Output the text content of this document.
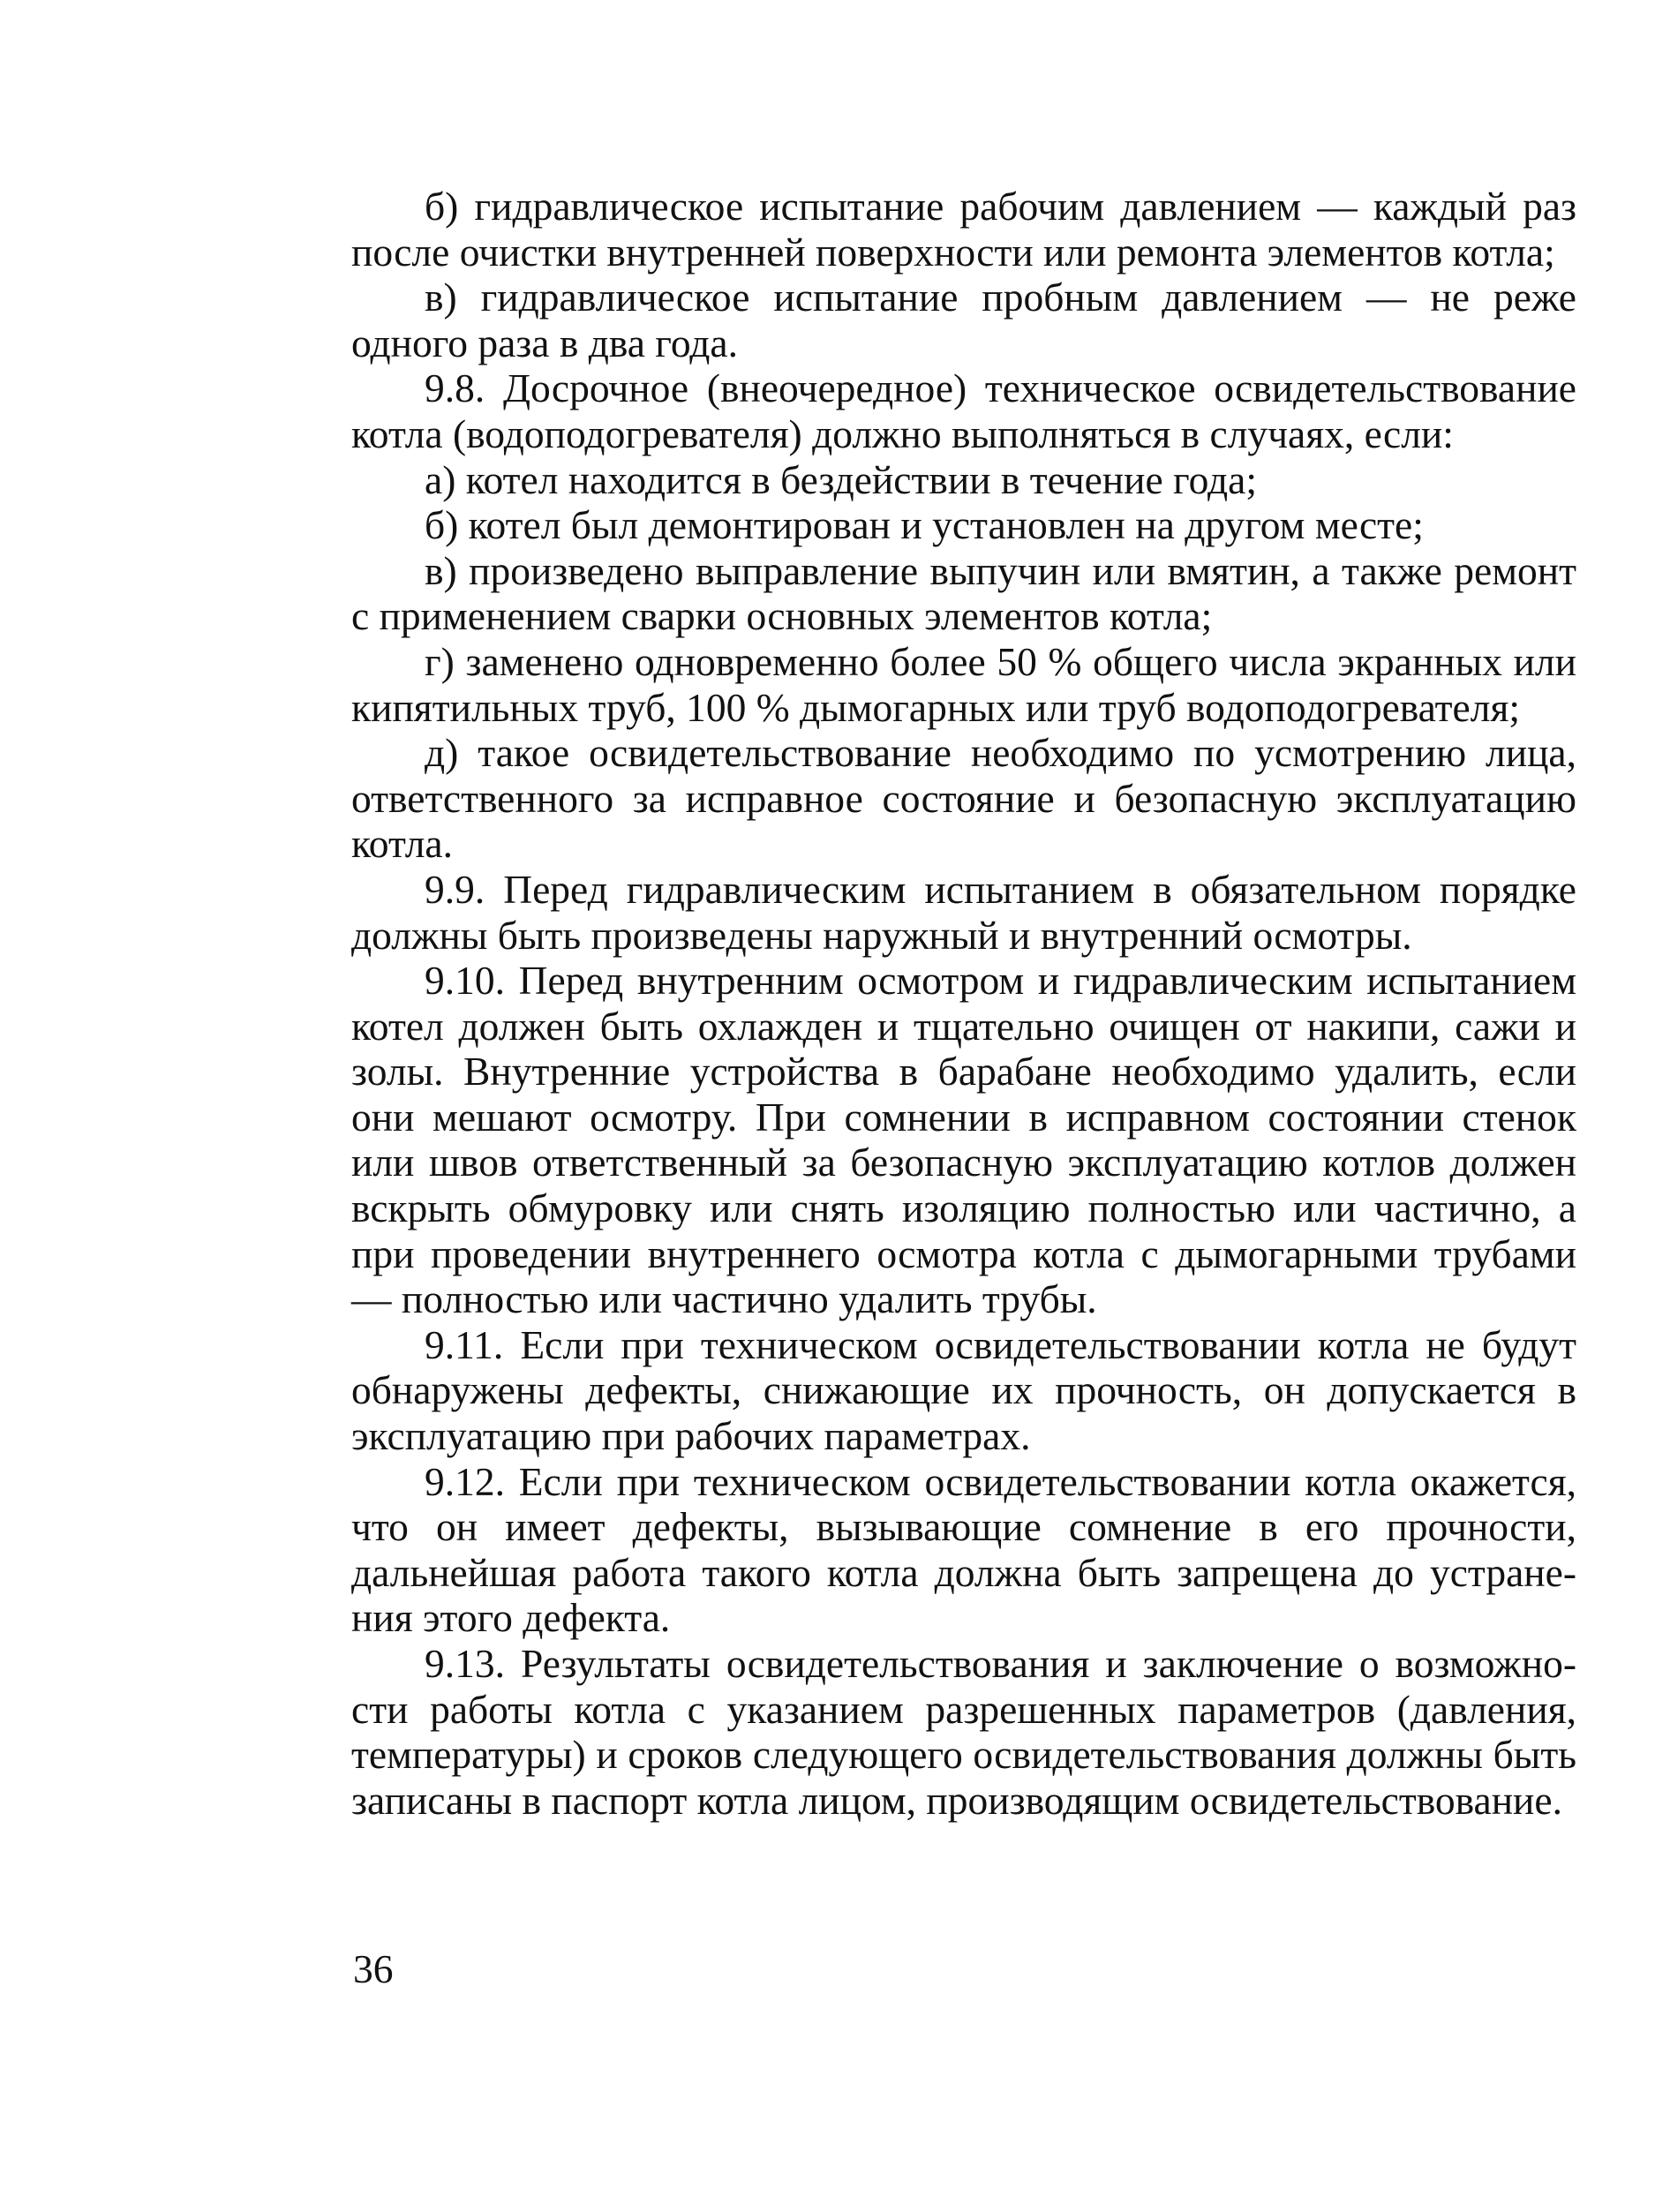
б) гидравлическое испытание рабочим давлением — каждый раз после очистки внутренней поверхности или ремонта элементов котла;

в) гидравлическое испытание пробным давлением — не реже одного раза в два года.

9.8. Досрочное (внеочередное) техническое освидетельствование котла (водоподогревателя) должно выполняться в случаях, если:

а) котел находится в бездействии в течение года;

б) котел был демонтирован и установлен на другом месте;

в) произведено выправление выпучин или вмятин, а также ремонт с применением сварки основных элементов котла;

г) заменено одновременно более 50 % общего числа экранных или кипятильных труб, 100 % дымогарных или труб водоподогревателя;

д) такое освидетельствование необходимо по усмотрению лица, ответственного за исправное состояние и безопасную эксплуатацию котла.

9.9. Перед гидравлическим испытанием в обязательном порядке должны быть произведены наружный и внутренний осмотры.

9.10. Перед внутренним осмотром и гидравлическим испытанием котел должен быть охлажден и тщательно очищен от накипи, сажи и золы. Внутренние устройства в барабане необходимо удалить, если они мешают осмотру. При сомнении в исправном состоянии стенок или швов ответственный за безопасную эксплуатацию котлов должен вскрыть обмуровку или снять изоляцию полностью или частично, а при проведении внутреннего осмотра котла с дымогарными трубами — полностью или частично удалить трубы.

9.11. Если при техническом освидетельствовании котла не будут обнаружены дефекты, снижающие их прочность, он допускается в эксплуатацию при рабочих параметрах.

9.12. Если при техническом освидетельствовании котла окажется, что он имеет дефекты, вызывающие сомнение в его прочности, дальнейшая работа такого котла должна быть запрещена до устранения этого дефекта.

9.13. Результаты освидетельствования и заключение о возможности работы котла с указанием разрешенных параметров (давления, температуры) и сроков следующего освидетельствования должны быть записаны в паспорт котла лицом, производящим освидетельствование.

36
